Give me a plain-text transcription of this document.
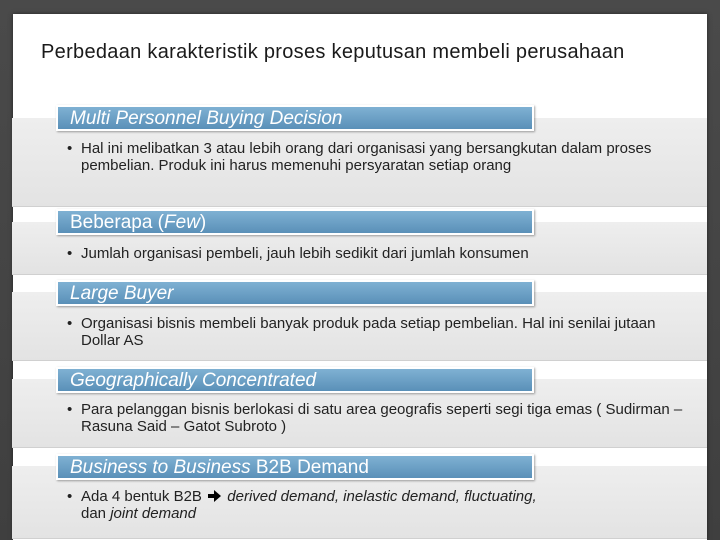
Perbedaan karakteristik proses keputusan membeli perusahaan
Multi Personnel Buying Decision
• Hal ini melibatkan 3 atau lebih orang dari organisasi yang bersangkutan dalam proses pembelian. Produk ini harus memenuhi persyaratan setiap orang
Beberapa (Few)
• Jumlah organisasi pembeli, jauh lebih sedikit dari jumlah konsumen
Large Buyer
• Organisasi bisnis membeli banyak produk pada setiap pembelian. Hal ini senilai jutaan Dollar AS
Geographically Concentrated
• Para pelanggan bisnis berlokasi di satu area geografis seperti segi tiga emas ( Sudirman – Rasuna Said – Gatot Subroto )
Business to Business B2B Demand
• Ada 4 bentuk B2B derived demand, inelastic demand, fluctuating,
dan joint demand
